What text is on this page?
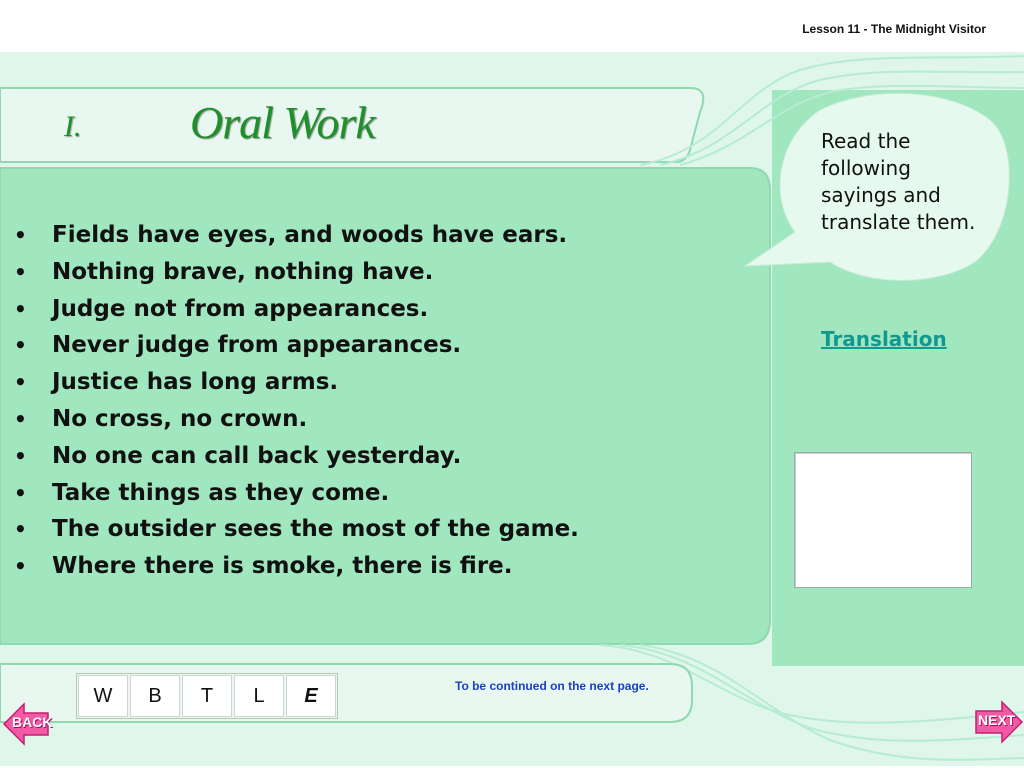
Lesson 11 - The Midnight Visitor
I. Oral Work
• Fields have eyes, and woods have ears.
• Nothing brave, nothing have.
• Judge not from appearances.
• Never judge from appearances.
• Justice has long arms.
• No cross, no crown.
• No one can call back yesterday.
• Take things as they come.
• The outsider sees the most of the game.
• Where there is smoke, there is fire.
Read the following sayings and translate them.
Translation
W	B	T	L	E	To be continued on the next page.
BACK	NEXT
